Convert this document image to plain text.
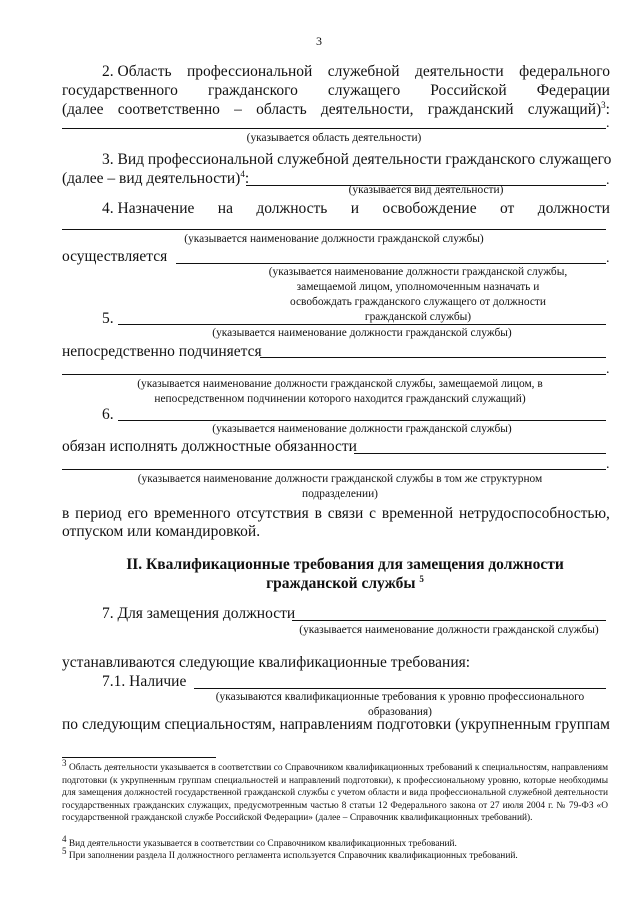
3
2. Область профессиональной служебной деятельности федерального
государственного гражданского служащего Российской Федерации
(далее соответственно – область деятельности, гражданский служащий)$^3$:
.
(указывается область деятельности)
3. Вид профессиональной служебной деятельности гражданского служащего
(далее – вид деятельности)$^4$:	.
(указывается вид деятельности)
4. Назначение на должность и освобождение от должности
(указывается наименование должности гражданской службы)
осуществляется	.
(указывается наименование должности гражданской службы, замещаемой лицом, уполномоченным назначать и освобождать гражданского служащего от должности гражданской службы)
5.
(указывается наименование должности гражданской службы)
непосредственно подчиняется
.
(указывается наименование должности гражданской службы, замещаемой лицом, в непосредственном подчинении которого находится гражданский служащий)
6.
(указывается наименование должности гражданской службы)
обязан исполнять должностные обязанности
.
(указывается наименование должности гражданской службы в том же структурном подразделении)
в период его временного отсутствия в связи с временной нетрудоспособностью,
отпуском или командировкой.
II. Квалификационные требования для замещения должности
гражданской службы $^5$
7. Для замещения должности
(указывается наименование должности гражданской службы)
устанавливаются следующие квалификационные требования:
7.1. Наличие
(указываются квалификационные требования к уровню профессионального образования)
по следующим специальностям, направлениям подготовки (укрупненным группам
3 Область деятельности указывается в соответствии со Справочником квалификационных требований к специальностям, направлениям подготовки (к укрупненным группам специальностей и направлений подготовки), к профессиональному уровню, которые необходимы для замещения должностей государственной гражданской службы с учетом области и вида профессиональной служебной деятельности государственных гражданских служащих, предусмотренным частью 8 статьи 12 Федерального закона от 27 июля 2004 г. № 79-ФЗ «О государственной гражданской службе Российской Федерации» (далее – Справочник квалификационных требований).
4 Вид деятельности указывается в соответствии со Справочником квалификационных требований.
5 При заполнении раздела II должностного регламента используется Справочник квалификационных требований.
